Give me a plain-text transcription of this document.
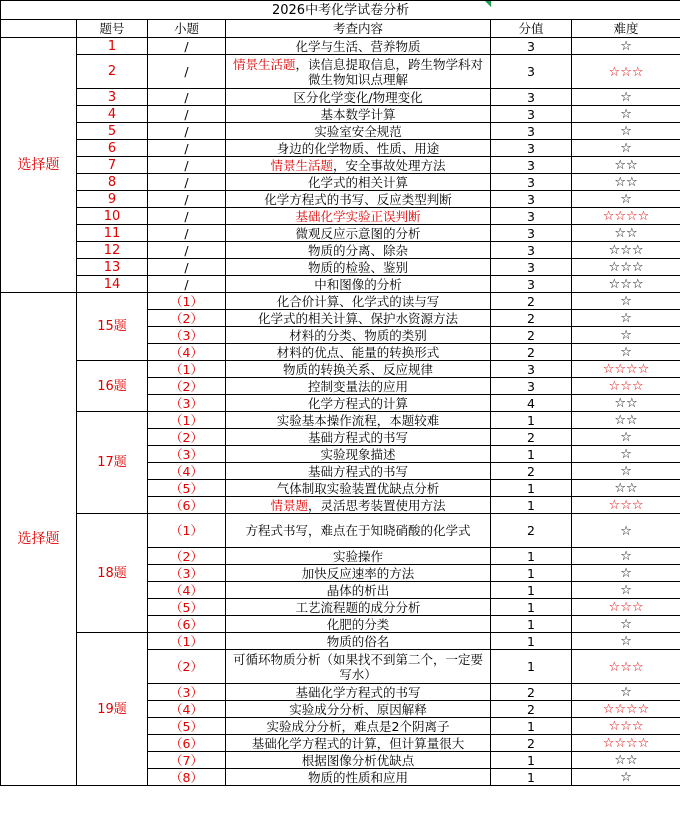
2026中考化学试卷分析					

	题号	小题	考查内容	分值	难度
选择题	1	/	化学与生活、营养物质	3	☆
	2	/	情景生活题，读信息提取信息，跨生物学科对微生物知识点理解	3	☆☆☆
	3	/	区分化学变化/物理变化	3	☆
	4	/	基本数学计算	3	☆
	5	/	实验室安全规范	3	☆
	6	/	身边的化学物质、性质、用途	3	☆
	7	/	情景生活题，安全事故处理方法	3	☆☆
	8	/	化学式的相关计算	3	☆☆
	9	/	化学方程式的书写、反应类型判断	3	☆
	10	/	基础化学实验正误判断	3	☆☆☆☆
	11	/	微观反应示意图的分析	3	☆☆
	12	/	物质的分离、除杂	3	☆☆☆
	13	/	物质的检验、鉴别	3	☆☆☆
	14	/	中和图像的分析	3	☆☆☆
选择题	15题	（1）	化合价计算、化学式的读与写	2	☆
		（2）	化学式的相关计算、保护水资源方法	2	☆
		（3）	材料的分类、物质的类别	2	☆
		（4）	材料的优点、能量的转换形式	2	☆
	16题	（1）	物质的转换关系、反应规律	3	☆☆☆☆
		（2）	控制变量法的应用	3	☆☆☆
		（3）	化学方程式的计算	4	☆☆
	17题	（1）	实验基本操作流程，本题较难	1	☆☆
		（2）	基础方程式的书写	2	☆
		（3）	实验现象描述	1	☆
		（4）	基础方程式的书写	2	☆
		（5）	气体制取实验装置优缺点分析	1	☆☆
		（6）	情景题，灵活思考装置使用方法	1	☆☆☆
	18题	（1）	方程式书写，难点在于知晓硝酸的化学式	2	☆
		（2）	实验操作	1	☆
		（3）	加快反应速率的方法	1	☆
		（4）	晶体的析出	1	☆
		（5）	工艺流程题的成分分析	1	☆☆☆
		（6）	化肥的分类	1	☆
	19题	（1）	物质的俗名	1	☆
		（2）	可循环物质分析（如果找不到第二个，一定要写水）	1	☆☆☆
		（3）	基础化学方程式的书写	2	☆
		（4）	实验成分分析、原因解释	2	☆☆☆☆
		（5）	实验成分分析，难点是2个阴离子	1	☆☆☆
		（6）	基础化学方程式的计算，但计算量很大	2	☆☆☆☆
		（7）	根据图像分析优缺点	1	☆☆
		（8）	物质的性质和应用	1	☆
